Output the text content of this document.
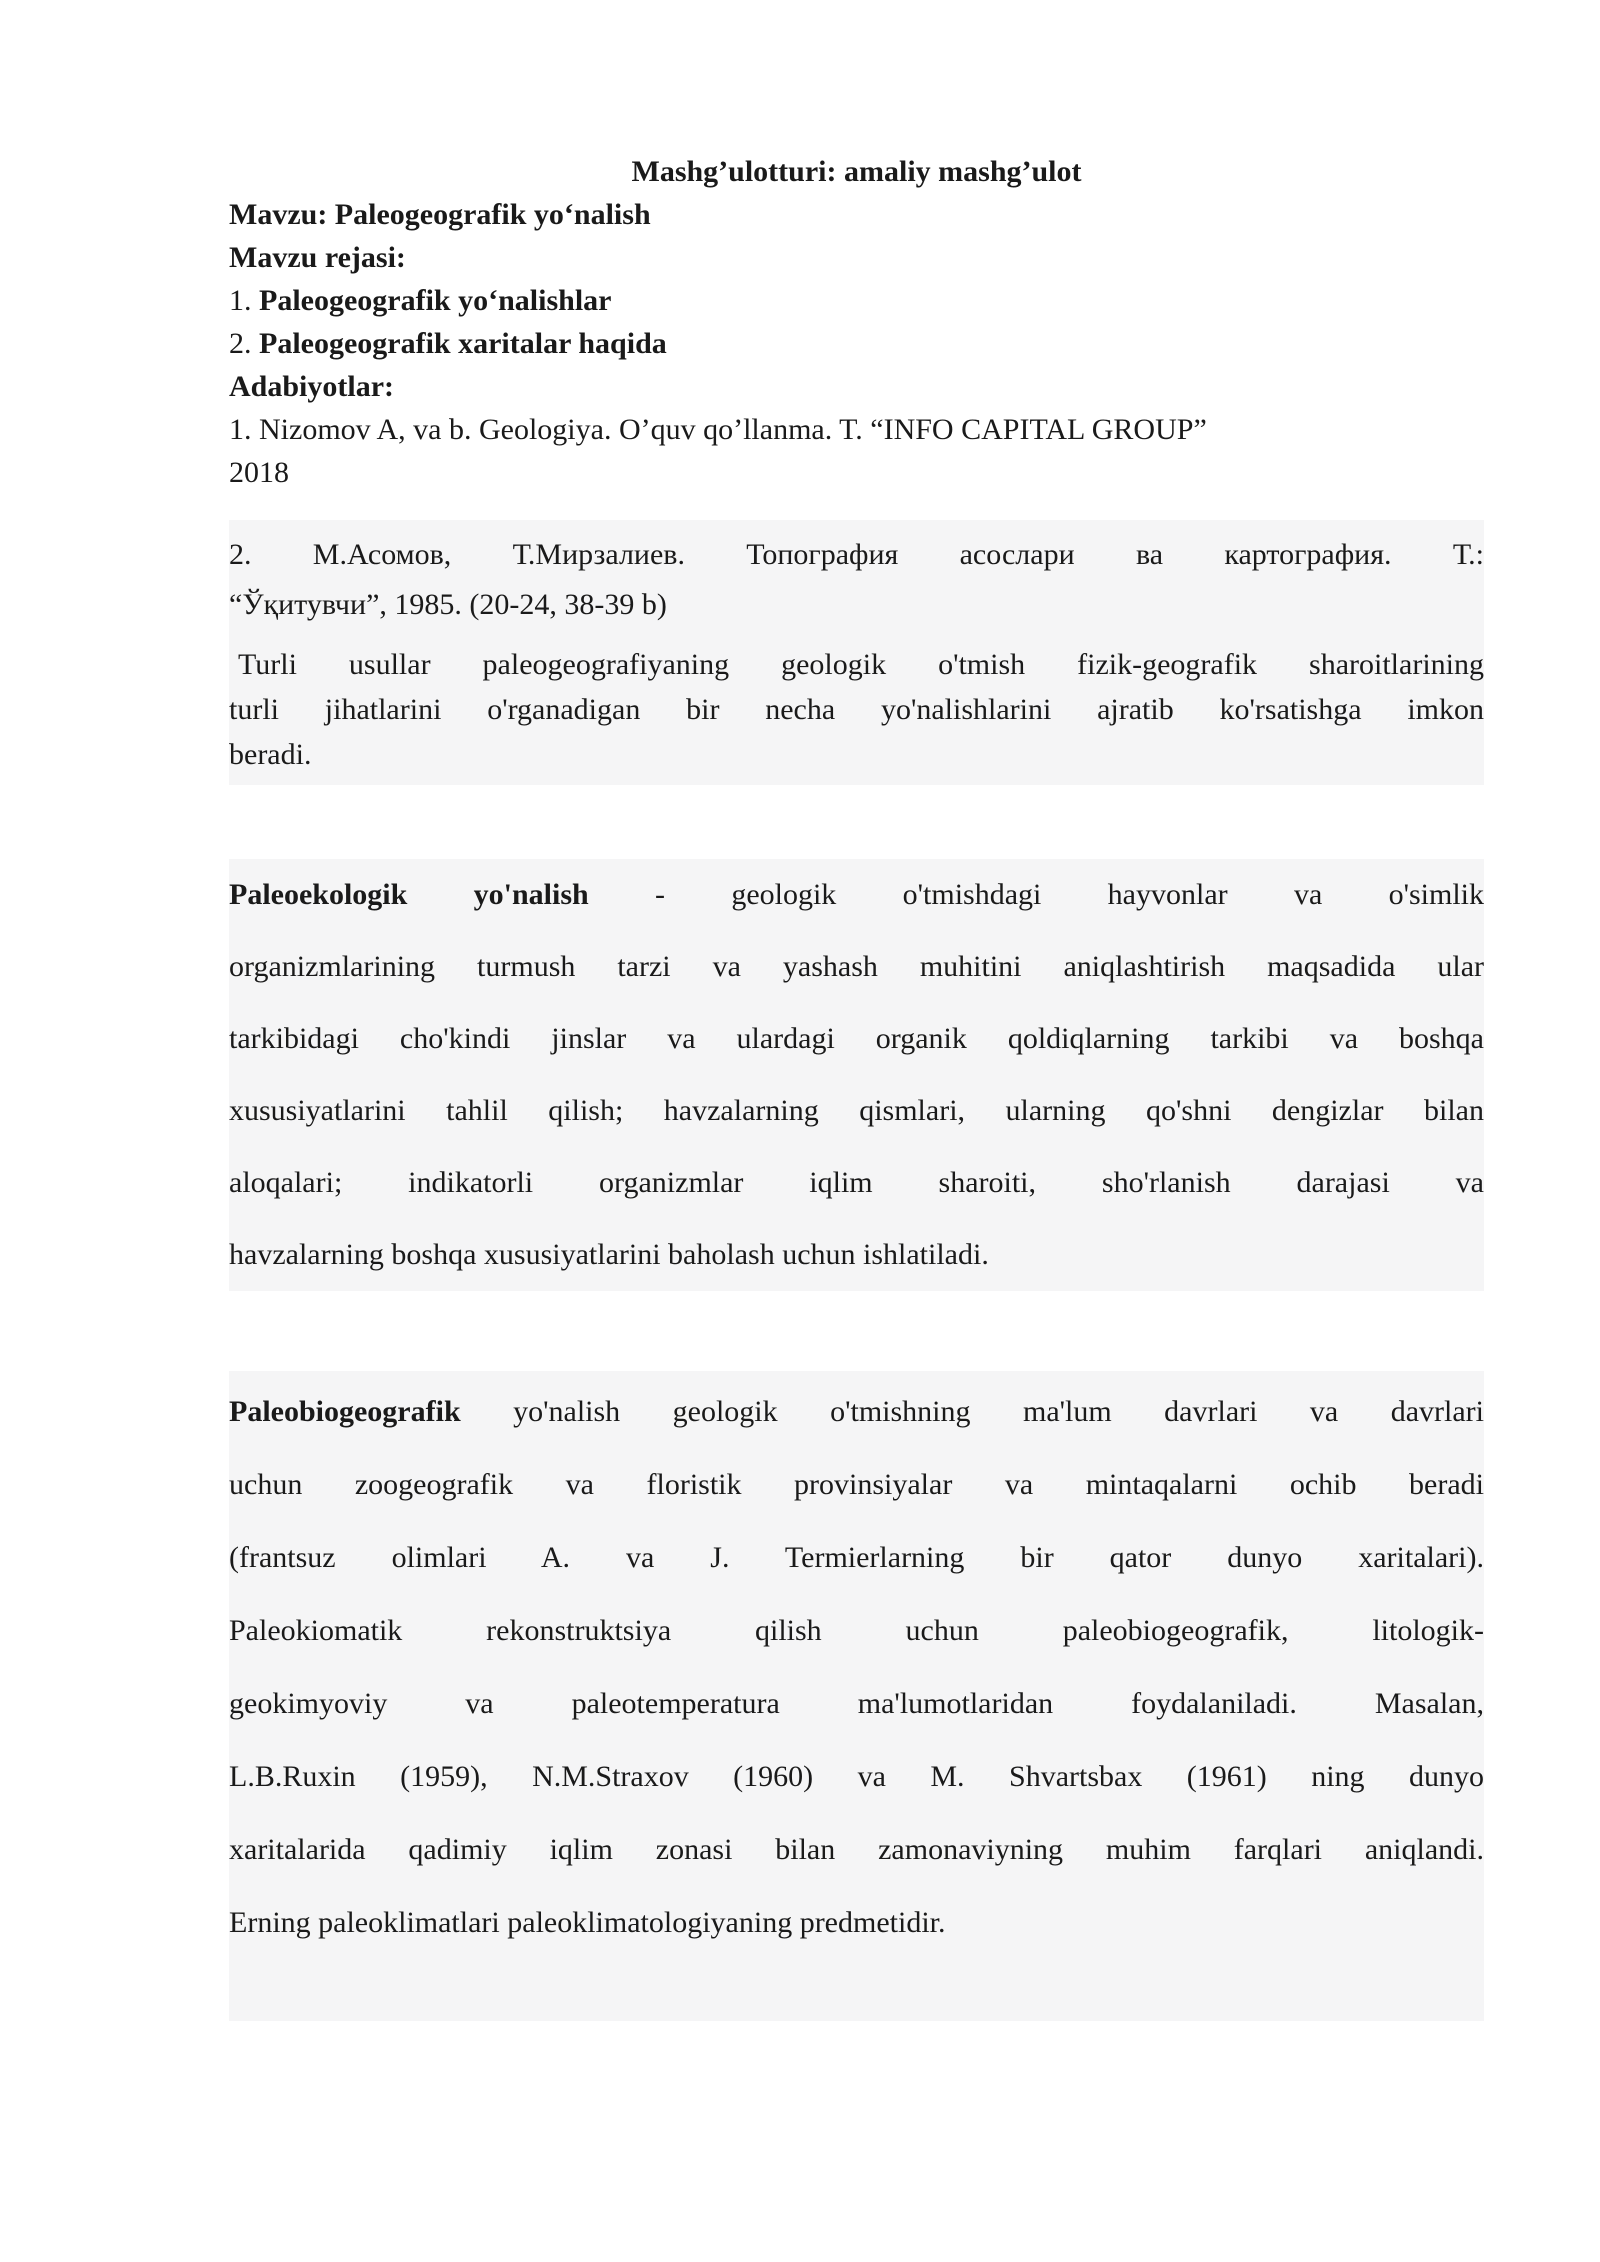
Mashg’ulotturi: amaliy mashg’ulot
Mavzu: Paleogeografik yo‘nalish
Mavzu rejasi:
1. Paleogeografik yo‘nalishlar
2. Paleogeografik xaritalar haqida
Adabiyotlar:
1. Nizomov A, va b. Geologiya. O’quv qo’llanma. T. “INFO CAPITAL GROUP”
2018
2. М.Асомов, Т.Мирзалиев. Топография асослари ва картография. Т.:
“Ўқитувчи”, 1985. (20-24, 38-39 b)
Turli usullar paleogeografiyaning geologik o'tmish fizik-geografik sharoitlarining
turli jihatlarini o'rganadigan bir necha yo'nalishlarini ajratib ko'rsatishga imkon
beradi.
Paleoekologik yo'nalish - geologik o'tmishdagi hayvonlar va o'simlik
organizmlarining turmush tarzi va yashash muhitini aniqlashtirish maqsadida ular
tarkibidagi cho'kindi jinslar va ulardagi organik qoldiqlarning tarkibi va boshqa
xususiyatlarini tahlil qilish; havzalarning qismlari, ularning qo'shni dengizlar bilan
aloqalari; indikatorli organizmlar iqlim sharoiti, sho'rlanish darajasi va
havzalarning boshqa xususiyatlarini baholash uchun ishlatiladi.
Paleobiogeografik yo'nalish geologik o'tmishning ma'lum davrlari va davrlari
uchun zoogeografik va floristik provinsiyalar va mintaqalarni ochib beradi
(frantsuz olimlari A. va J. Termierlarning bir qator dunyo xaritalari).
Paleokiomatik rekonstruktsiya qilish uchun paleobiogeografik, litologik-
geokimyoviy va paleotemperatura ma'lumotlaridan foydalaniladi. Masalan,
L.B.Ruxin (1959), N.M.Straxov (1960) va M. Shvartsbax (1961) ning dunyo
xaritalarida qadimiy iqlim zonasi bilan zamonaviyning muhim farqlari aniqlandi.
Erning paleoklimatlari paleoklimatologiyaning predmetidir.
